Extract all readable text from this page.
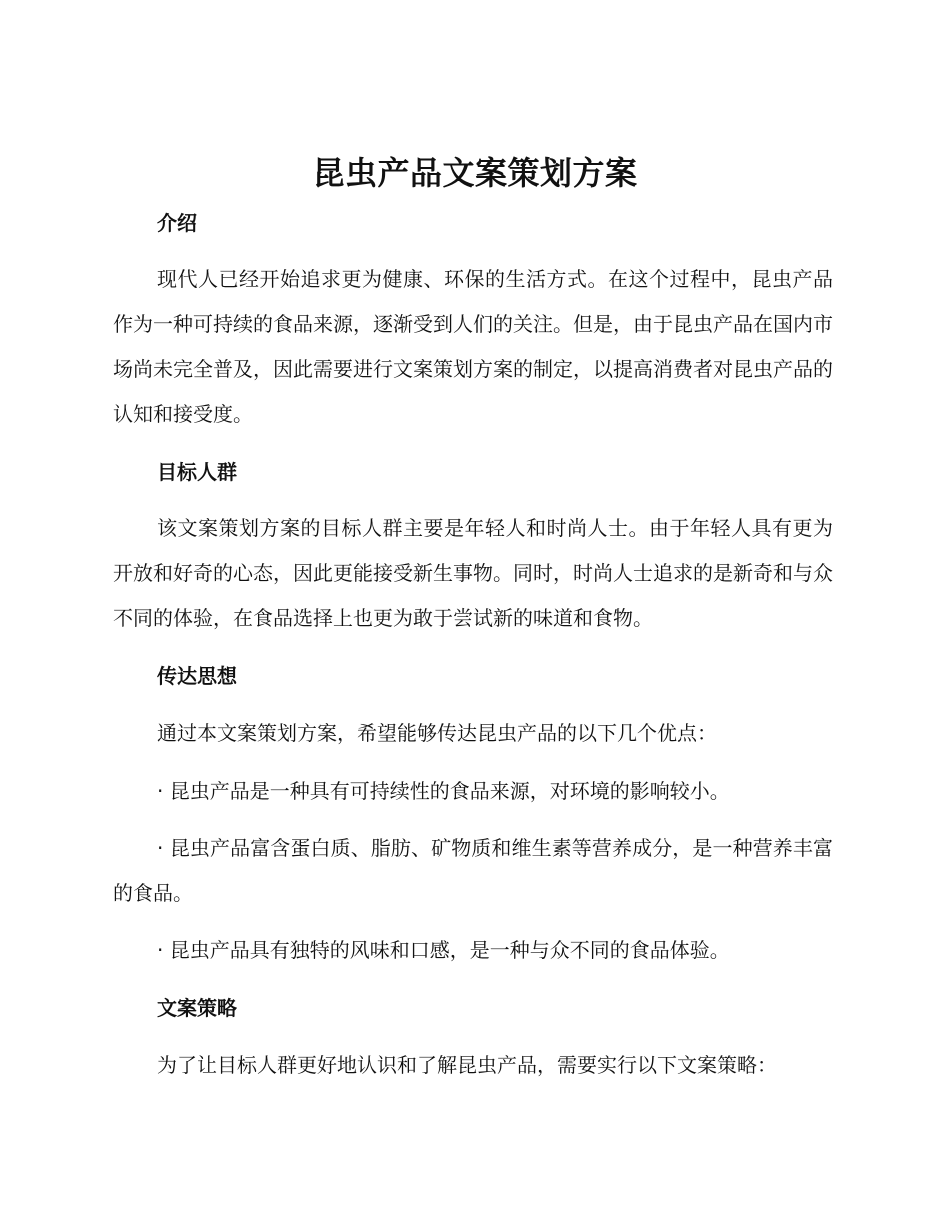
昆虫产品文案策划方案
介绍

现代人已经开始追求更为健康、环保的生活方式。在这个过程中，昆虫产品作为一种可持续的食品来源，逐渐受到人们的关注。但是，由于昆虫产品在国内市场尚未完全普及，因此需要进行文案策划方案的制定，以提高消费者对昆虫产品的认知和接受度。

目标人群

该文案策划方案的目标人群主要是年轻人和时尚人士。由于年轻人具有更为开放和好奇的心态，因此更能接受新生事物。同时，时尚人士追求的是新奇和与众不同的体验，在食品选择上也更为敢于尝试新的味道和食物。

传达思想
通过本文案策划方案，希望能够传达昆虫产品的以下几个优点：
· 昆虫产品是一种具有可持续性的食品来源，对环境的影响较小。

· 昆虫产品富含蛋白质、脂肪、矿物质和维生素等营养成分，是一种营养丰富的食品。

· 昆虫产品具有独特的风味和口感，是一种与众不同的食品体验。
文案策略
为了让目标人群更好地认识和了解昆虫产品，需要实行以下文案策略：
